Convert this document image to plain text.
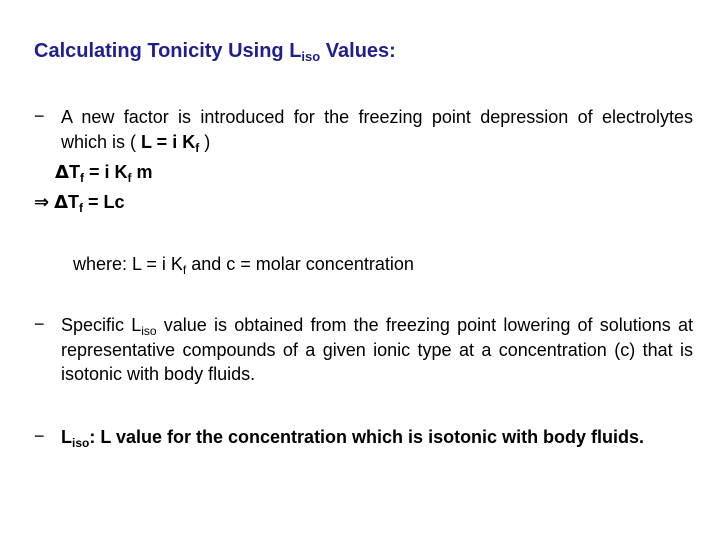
Calculating Tonicity Using $L_{iso}$ Values:
− A new factor is introduced for the freezing point depression of electrolytes which is ( L = i $K_f$ )
$\Delta T_f = i$ $K_f$ m
⇒ $\Delta T_f = Lc$
where: L = i $K_f$ and c = molar concentration
− Specific $L_{iso}$ value is obtained from the freezing point lowering of solutions at representative compounds of a given ionic type at a concentration (c) that is isotonic with body fluids.
− $L_{iso}$: L value for the concentration which is isotonic with body fluids.
